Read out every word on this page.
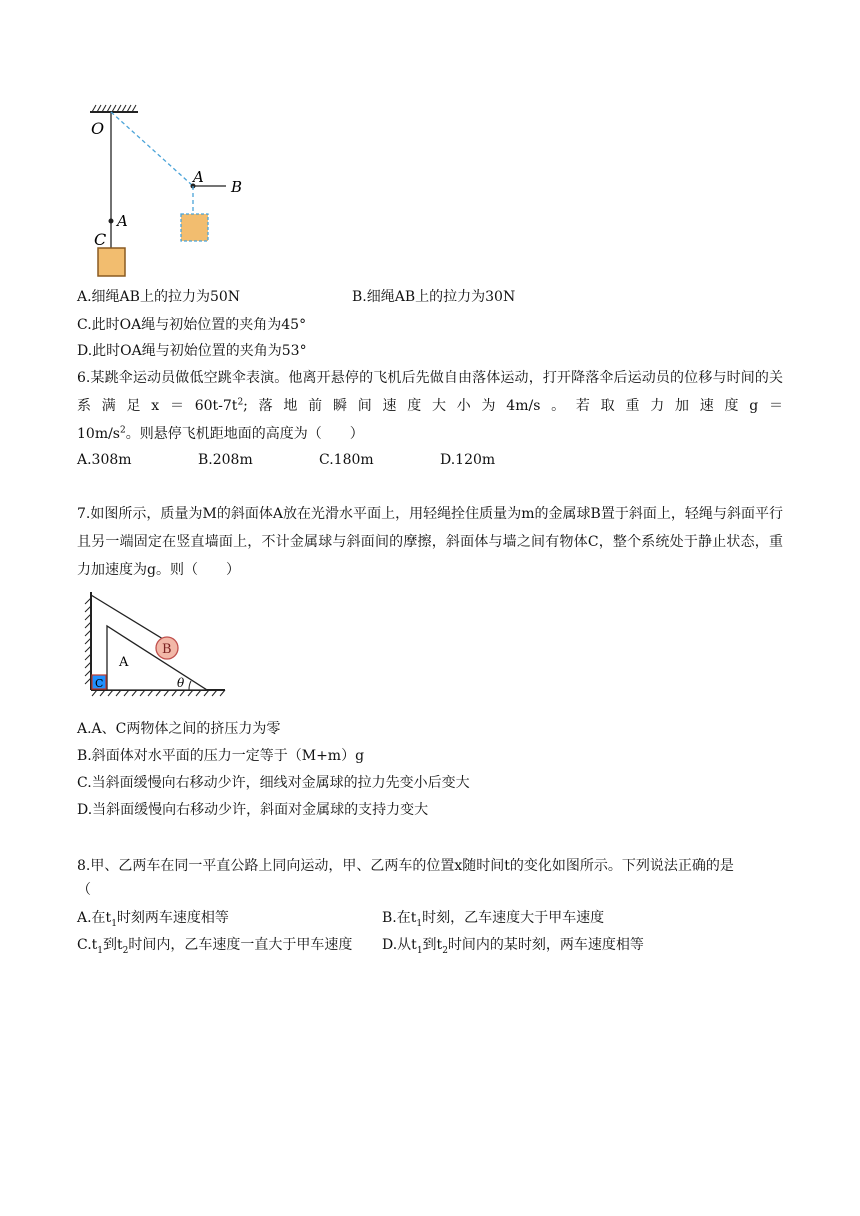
O
A
C
A
B
A.细绳AB上的拉力为50N	B.细绳AB上的拉力为30N
C.此时OA绳与初始位置的夹角为45°
D.此时OA绳与初始位置的夹角为53°
6.某跳伞运动员做低空跳伞表演。他离开悬停的飞机后先做自由落体运动，打开降落伞后运动员的位移与时间的关系满足$x=60t-7t^2$;落地前瞬间速度大小为4m/s。若取重力加速度$g=10m/s^2$。则悬停飞机距地面的高度为（　　）
A.308m	B.208m	C.180m	D.120m
7.如图所示，质量为M的斜面体A放在光滑水平面上，用轻绳拴住质量为m的金属球B置于斜面上，轻绳与斜面平行且另一端固定在竖直墙面上，不计金属球与斜面间的摩擦，斜面体与墙之间有物体C，整个系统处于静止状态，重力加速度为g。则（　　）
A
B
C	θ
A.A、C两物体之间的挤压力为零
B.斜面体对水平面的压力一定等于（M+m）g
C.当斜面缓慢向右移动少许，细线对金属球的拉力先变小后变大
D.当斜面缓慢向右移动少许，斜面对金属球的支持力变大
8.甲、乙两车在同一平直公路上同向运动，甲、乙两车的位置x随时间t的变化如图所示。下列说法正确的是
（
A.在$t_1$时刻两车速度相等	B.在$t_1$时刻，乙车速度大于甲车速度
$C.t_1$到$t_2$时间内，乙车速度一直大于甲车速度 D.从$t_1$到$t_2$时间内的某时刻，两车速度相等
